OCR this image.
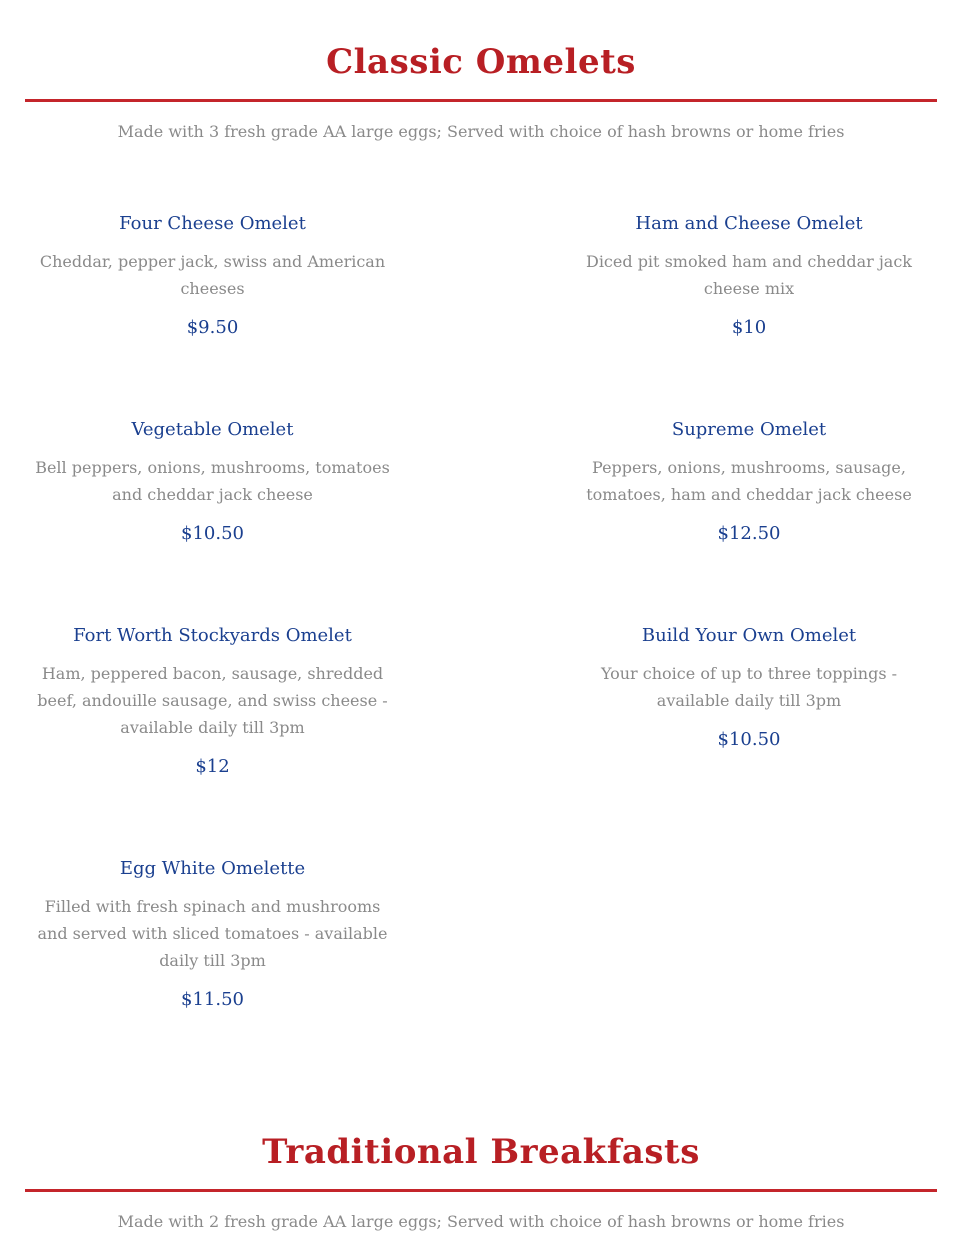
Classic Omelets
Made with 3 fresh grade AA large eggs; Served with choice of hash browns or home fries
Four Cheese Omelet
Cheddar, pepper jack, swiss and American cheeses
$9.50
Ham and Cheese Omelet
Diced pit smoked ham and cheddar jack cheese mix
$10
Vegetable Omelet
Bell peppers, onions, mushrooms, tomatoes and cheddar jack cheese
$10.50
Supreme Omelet
Peppers, onions, mushrooms, sausage, tomatoes, ham and cheddar jack cheese
$12.50
Fort Worth Stockyards Omelet
Ham, peppered bacon, sausage, shredded beef, andouille sausage, and swiss cheese - available daily till 3pm
$12
Build Your Own Omelet
Your choice of up to three toppings - available daily till 3pm
$10.50
Egg White Omelette
Filled with fresh spinach and mushrooms and served with sliced tomatoes - available daily till 3pm
$11.50
Traditional Breakfasts
Made with 2 fresh grade AA large eggs; Served with choice of hash browns or home fries
